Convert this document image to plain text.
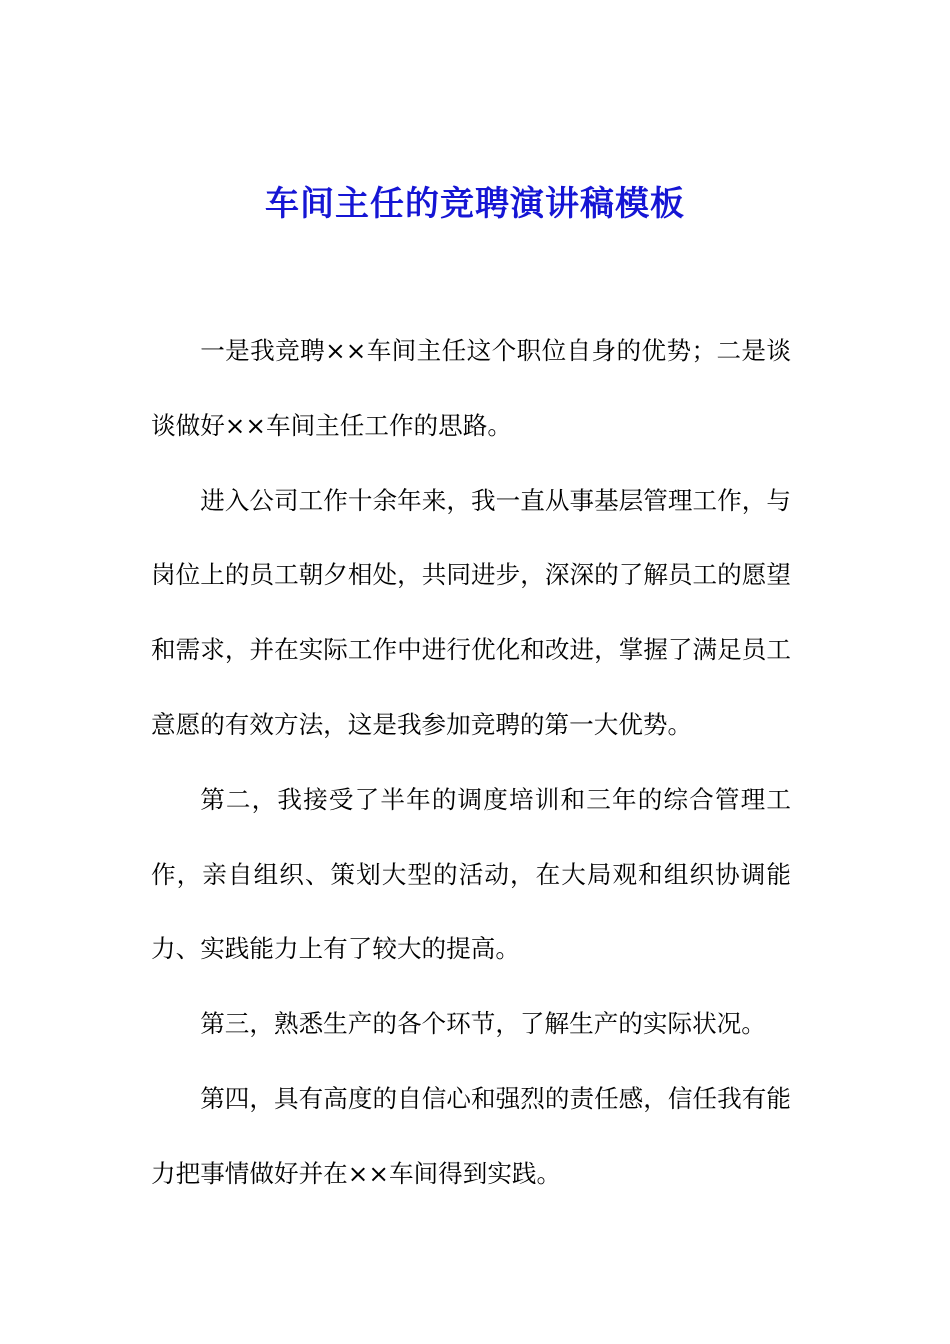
车间主任的竞聘演讲稿模板

一是我竞聘××车间主任这个职位自身的优势；二是谈谈做好××车间主任工作的思路。

进入公司工作十余年来，我一直从事基层管理工作，与岗位上的员工朝夕相处，共同进步，深深的了解员工的愿望和需求，并在实际工作中进行优化和改进，掌握了满足员工意愿的有效方法，这是我参加竞聘的第一大优势。

第二，我接受了半年的调度培训和三年的综合管理工作，亲自组织、策划大型的活动，在大局观和组织协调能力、实践能力上有了较大的提高。

第三，熟悉生产的各个环节，了解生产的实际状况。

第四，具有高度的自信心和强烈的责任感，信任我有能力把事情做好并在××车间得到实践。
